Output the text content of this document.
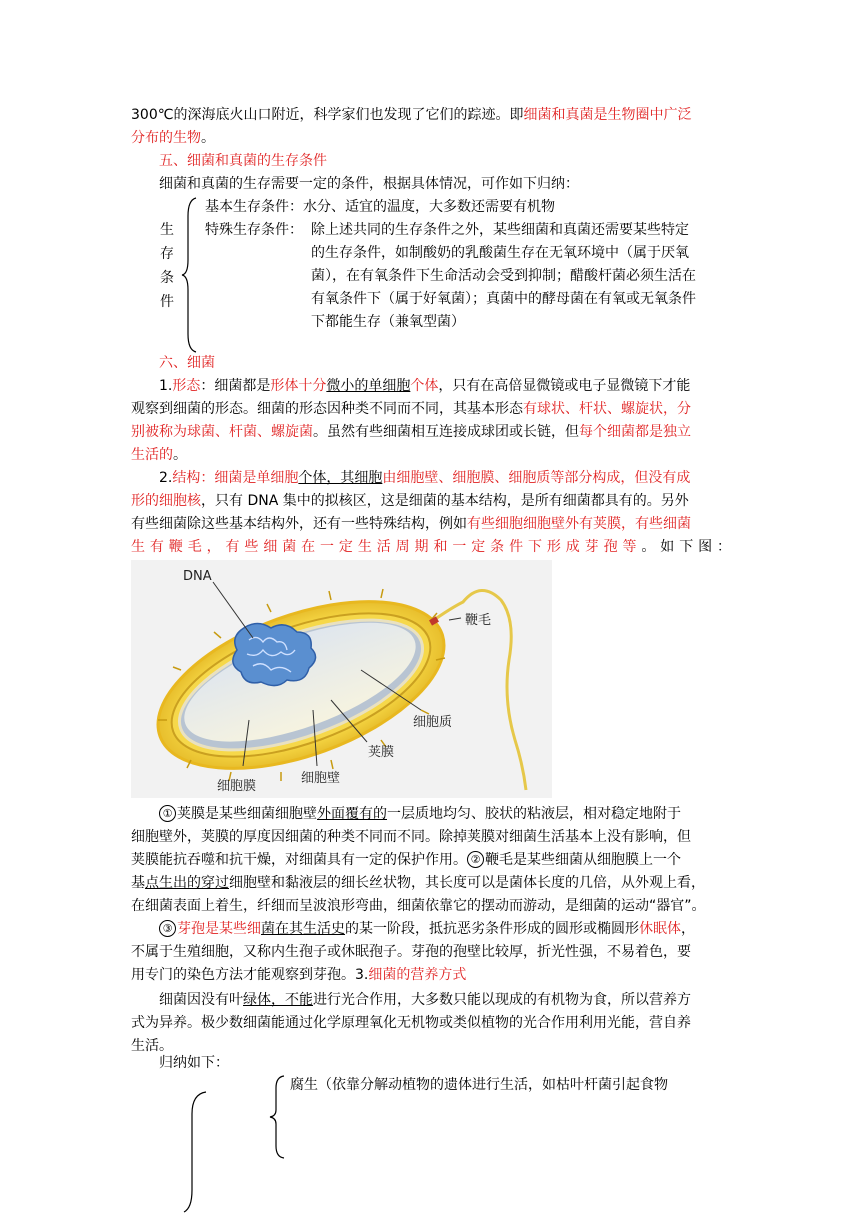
300℃的深海底火山口附近，科学家们也发现了它们的踪迹。即细菌和真菌是生物圈中广泛
分布的生物。
五、细菌和真菌的生存条件
细菌和真菌的生存需要一定的条件，根据具体情况，可作如下归纳：
生
存
条
件
基本生存条件：水分、适宜的温度，大多数还需要有机物
特殊生存条件： 除上述共同的生存条件之外，某些细菌和真菌还需要某些特定
的生存条件，如制酸奶的乳酸菌生存在无氧环境中（属于厌氧
菌），在有氧条件下生命活动会受到抑制；醋酸杆菌必须生活在
有氧条件下（属于好氧菌）；真菌中的酵母菌在有氧或无氧条件
下都能生存（兼氧型菌）
六、细菌
1.形态：细菌都是形体十分微小的单细胞个体，只有在高倍显微镜或电子显微镜下才能
观察到细菌的形态。细菌的形态因种类不同而不同，其基本形态有球状、杆状、螺旋状，分
别被称为球菌、杆菌、螺旋菌。虽然有些细菌相互连接成球团或长链，但每个细菌都是独立
生活的。
2.结构：细菌是单细胞个体，其细胞由细胞壁、细胞膜、细胞质等部分构成，但没有成
形的细胞核，只有 DNA 集中的拟核区，这是细菌的基本结构，是所有细菌都具有的。另外
有些细菌除这些基本结构外，还有一些特殊结构，例如有些细胞细胞壁外有荚膜，有些细菌
生有鞭毛，有些细菌在一定生活周期和一定条件下形成芽孢等。如下图：
DNA
鞭毛
细胞质
荚膜
细胞壁
细胞膜
① 荚膜是某些细菌细胞壁外面覆有的一层质地均匀、胶状的粘液层，相对稳定地附于
细胞壁外，荚膜的厚度因细菌的种类不同而不同。除掉荚膜对细菌生活基本上没有影响，但
荚膜能抗吞噬和抗干燥，对细菌具有一定的保护作用。 ② 鞭毛是某些细菌从细胞膜上一个
基点生出的穿过细胞壁和黏液层的细长丝状物，其长度可以是菌体长度的几倍，从外观上看，
在细菌表面上着生，纤细而呈波浪形弯曲，细菌依靠它的摆动而游动，是细菌的运动“器官”。
③ 芽孢是某些细菌在其生活史的某一阶段，抵抗恶劣条件形成的圆形或椭圆形休眠体，
不属于生殖细胞，又称内生孢子或休眠孢子。芽孢的孢壁比较厚，折光性强，不易着色，要
用专门的染色方法才能观察到芽孢。3.细菌的营养方式
细菌因没有叶绿体，不能进行光合作用，大多数只能以现成的有机物为食，所以营养方
式为异养。极少数细菌能通过化学原理氧化无机物或类似植物的光合作用利用光能，营自养
生活。
归纳如下：
腐生（依靠分解动植物的遗体进行生活，如枯叶杆菌引起食物
